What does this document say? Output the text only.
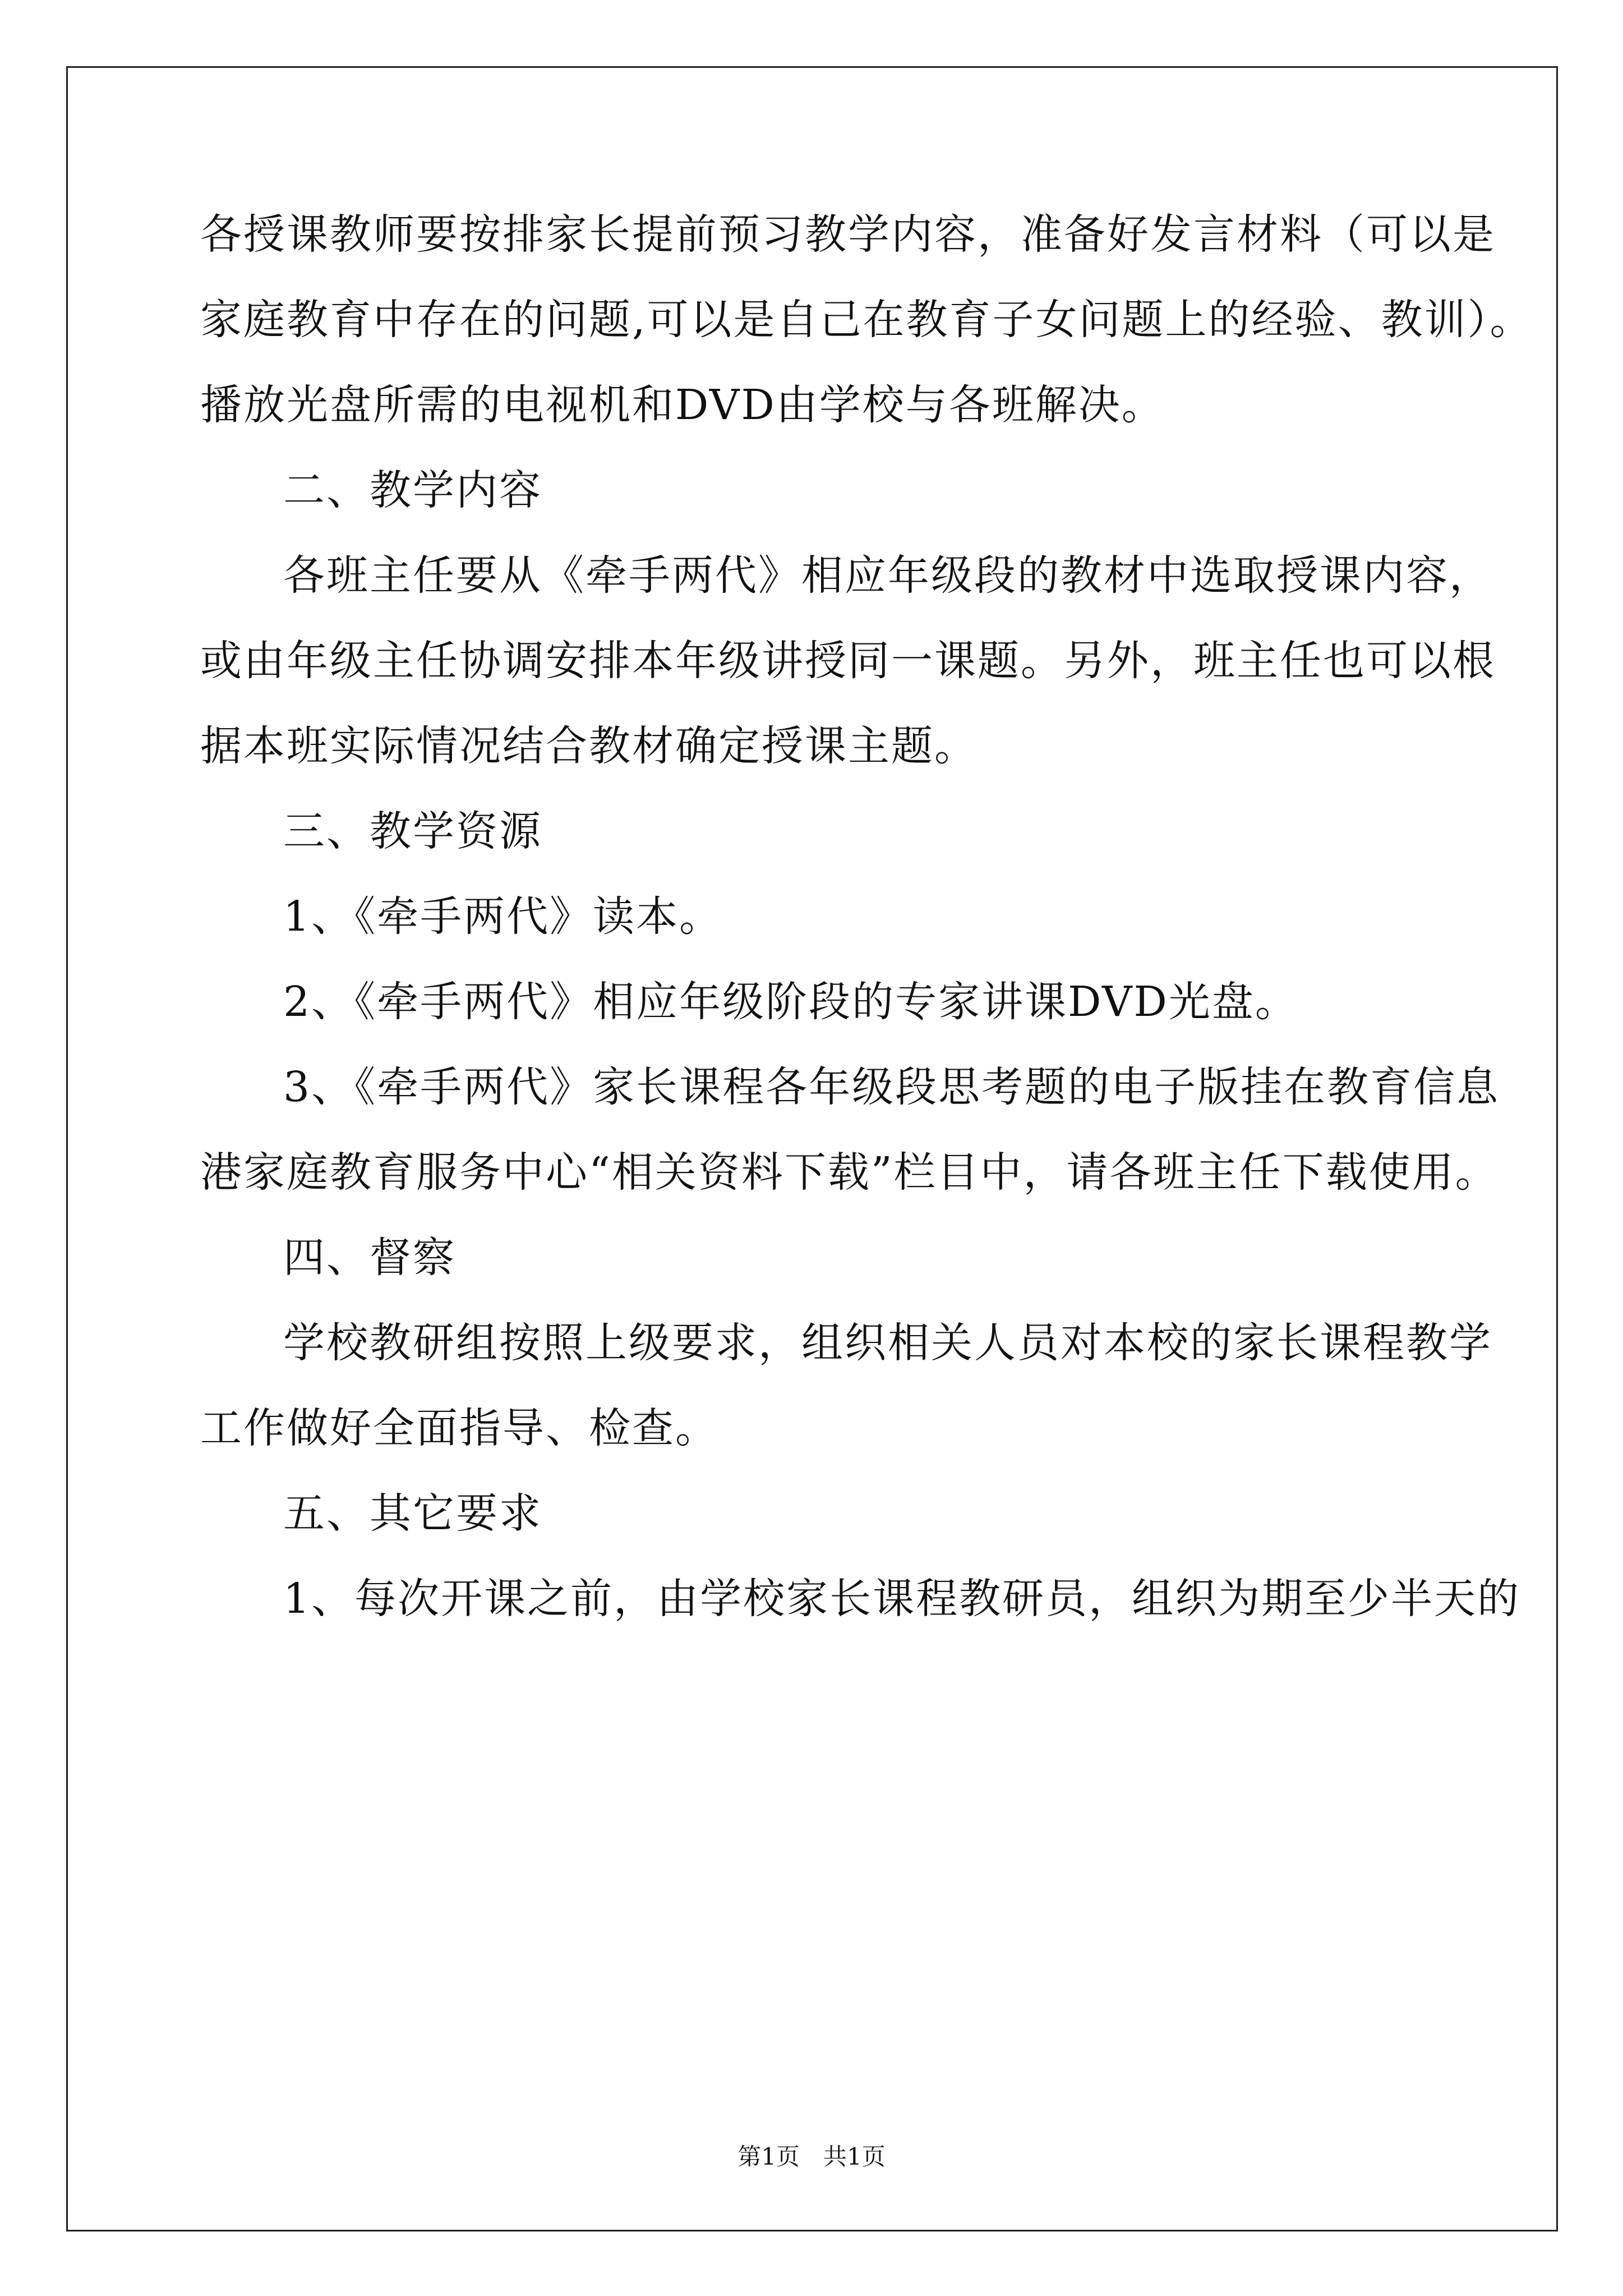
各授课教师要按排家长提前预习教学内容，准备好发言材料（可以是

家庭教育中存在的问题,可以是自己在教育子女问题上的经验、教训）。

播放光盘所需的电视机和DVD由学校与各班解决。

二、教学内容

各班主任要从《牵手两代》相应年级段的教材中选取授课内容，

或由年级主任协调安排本年级讲授同一课题。另外，班主任也可以根

据本班实际情况结合教材确定授课主题。

三、教学资源

1、《牵手两代》读本。

2、《牵手两代》相应年级阶段的专家讲课DVD光盘。

3、《牵手两代》家长课程各年级段思考题的电子版挂在教育信息

港家庭教育服务中心“相关资料下载”栏目中，请各班主任下载使用。

四、督察

学校教研组按照上级要求，组织相关人员对本校的家长课程教学

工作做好全面指导、检查。

五、其它要求

1、每次开课之前，由学校家长课程教研员，组织为期至少半天的

第1页　共1页
